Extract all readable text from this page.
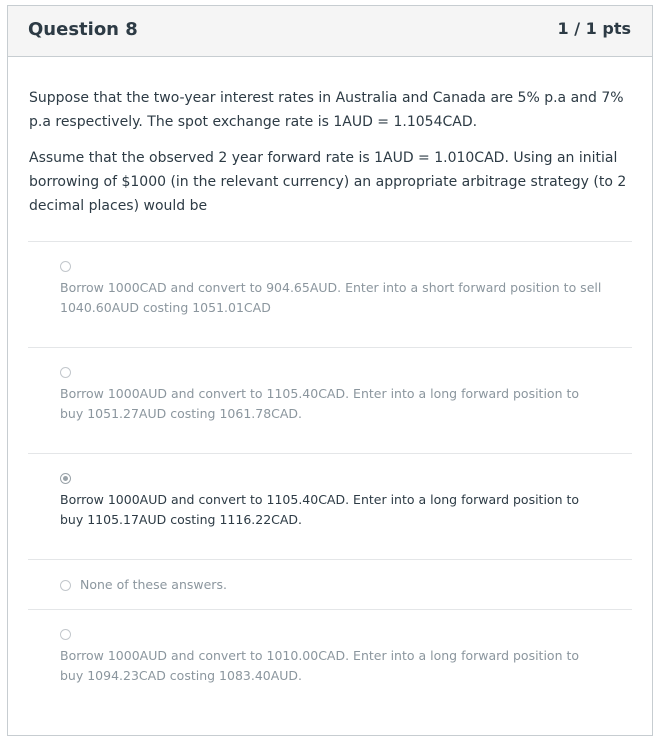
Question 8	1 / 1 pts
Suppose that the two-year interest rates in Australia and Canada are 5% p.a and 7% p.a respectively. The spot exchange rate is 1AUD = 1.1054CAD.
Assume that the observed 2 year forward rate is 1AUD = 1.010CAD. Using an initial borrowing of $1000 (in the relevant currency) an appropriate arbitrage strategy (to 2 decimal places) would be
Borrow 1000CAD and convert to 904.65AUD. Enter into a short forward position to sell
1040.60AUD costing 1051.01CAD
Borrow 1000AUD and convert to 1105.40CAD. Enter into a long forward position to
buy 1051.27AUD costing 1061.78CAD.
Borrow 1000AUD and convert to 1105.40CAD. Enter into a long forward position to
buy 1105.17AUD costing 1116.22CAD.
None of these answers.
Borrow 1000AUD and convert to 1010.00CAD. Enter into a long forward position to
buy 1094.23CAD costing 1083.40AUD.
